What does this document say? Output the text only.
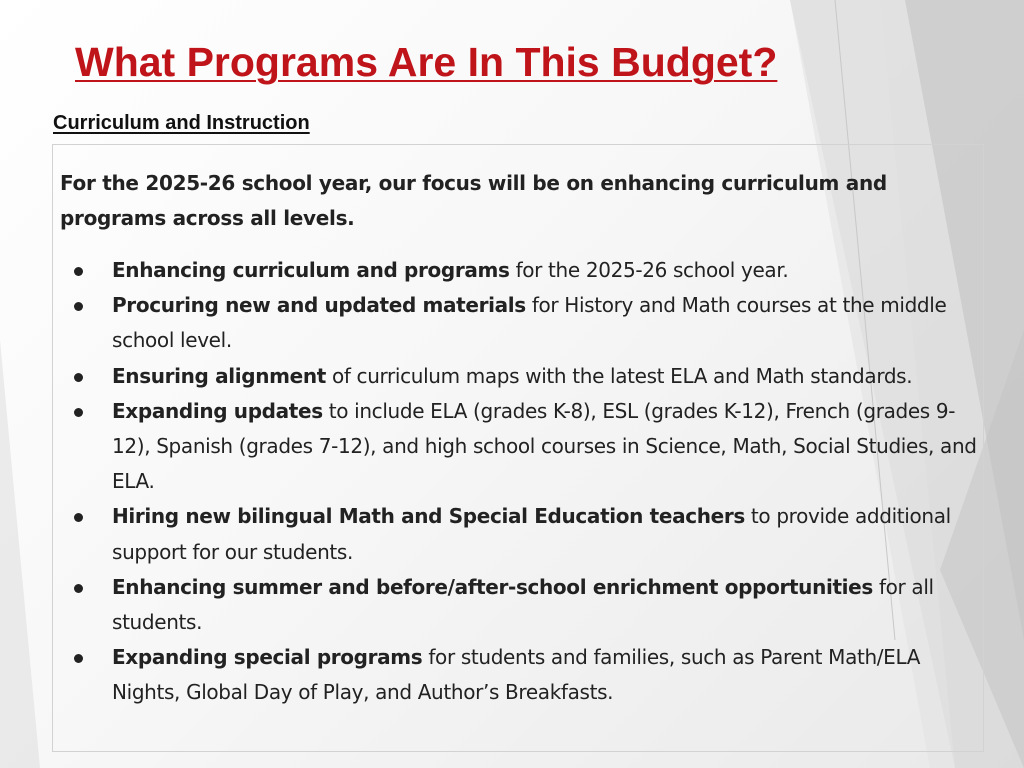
What Programs Are In This Budget?
Curriculum and Instruction

For the 2025-26 school year, our focus will be on enhancing curriculum and programs across all levels.

Enhancing curriculum and programs for the 2025-26 school year.
Procuring new and updated materials for History and Math courses at the middle school level.
Ensuring alignment of curriculum maps with the latest ELA and Math standards.
Expanding updates to include ELA (grades K-8), ESL (grades K-12), French (grades 9-12), Spanish (grades 7-12), and high school courses in Science, Math, Social Studies, and ELA.
Hiring new bilingual Math and Special Education teachers to provide additional support for our students.
Enhancing summer and before/after-school enrichment opportunities for all students.
Expanding special programs for students and families, such as Parent Math/ELA Nights, Global Day of Play, and Author’s Breakfasts.
